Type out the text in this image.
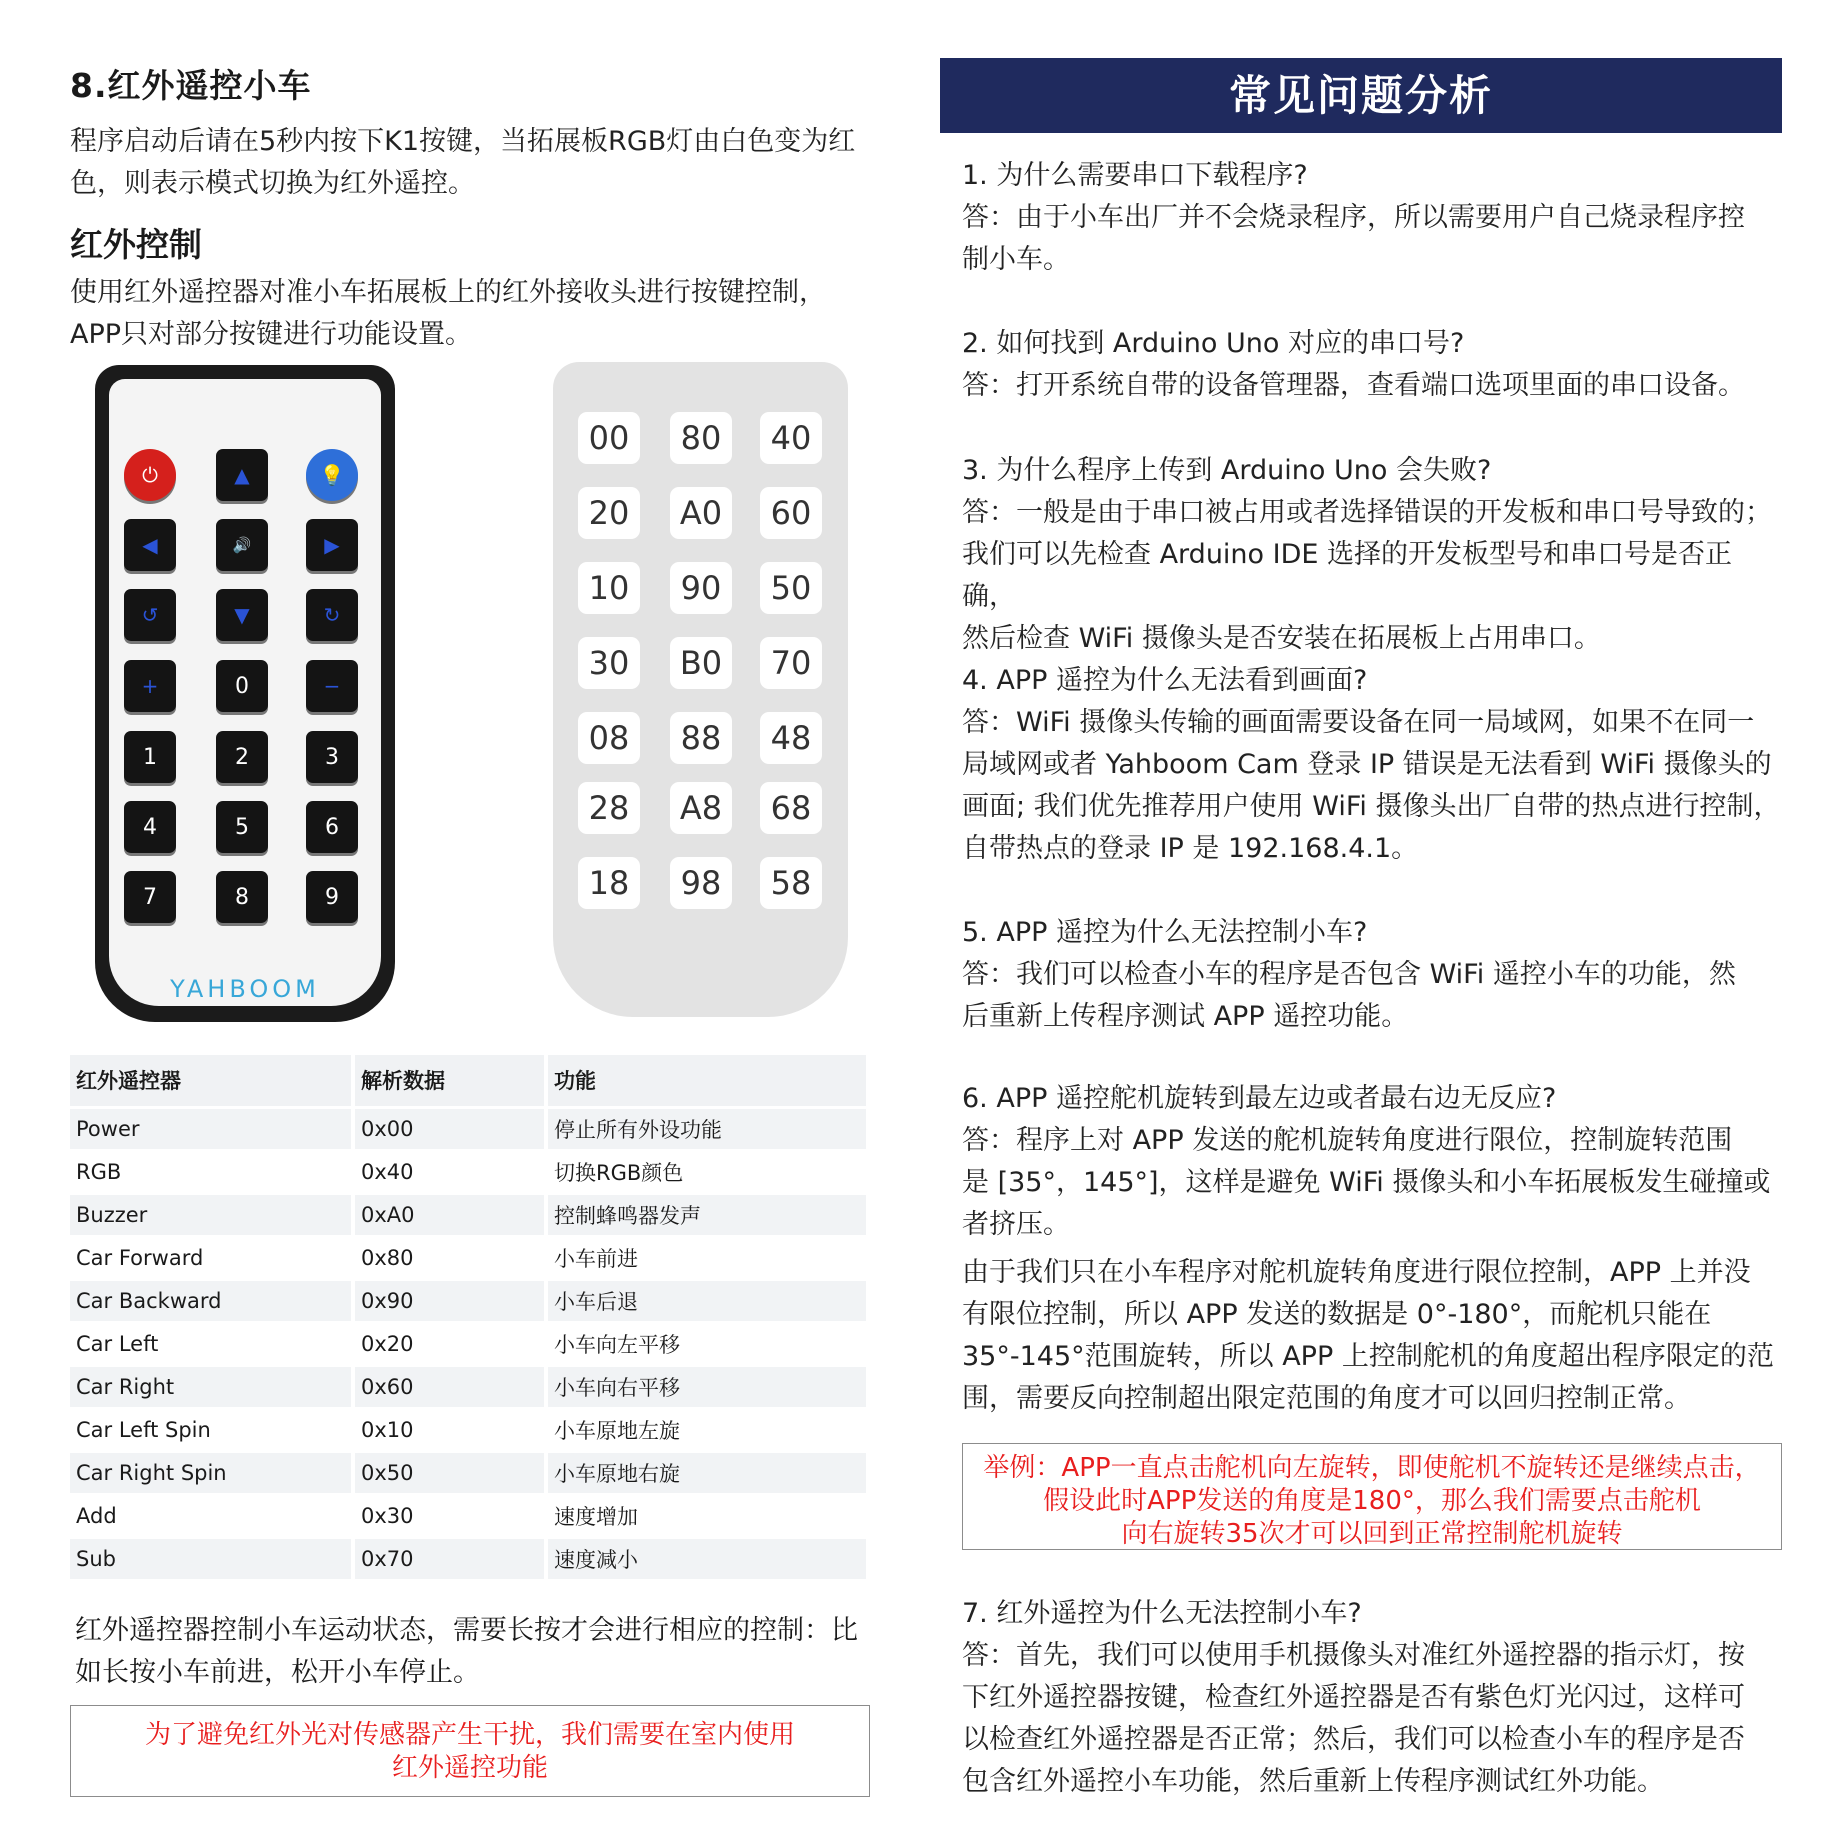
8.红外遥控小车
程序启动后请在5秒内按下K1按键，当拓展板RGB灯由白色变为红
色，则表示模式切换为红外遥控。
红外控制
使用红外遥控器对准小车拓展板上的红外接收头进行按键控制，
APP只对部分按键进行功能设置。
⏻	▲	💡
◀	🔊	▶
↺	▼	↻
+	0	−
1	2	3
4	5	6
7	8	9
YAHBOOM
00	80	40
20	A0	60
10	90	50
30	B0	70
08	88	48
28	A8	68
18	98	58
红外遥控器	解析数据	功能
Power	0x00	停止所有外设功能
RGB	0x40	切换RGB颜色
Buzzer	0xA0	控制蜂鸣器发声
Car Forward	0x80	小车前进
Car Backward	0x90	小车后退
Car Left	0x20	小车向左平移
Car Right	0x60	小车向右平移
Car Left Spin	0x10	小车原地左旋
Car Right Spin	0x50	小车原地右旋
Add	0x30	速度增加
Sub	0x70	速度减小
红外遥控器控制小车运动状态，需要长按才会进行相应的控制：比
如长按小车前进，松开小车停止。
为了避免红外光对传感器产生干扰，我们需要在室内使用
红外遥控功能
常见问题分析
1. 为什么需要串口下载程序?
答：由于小车出厂并不会烧录程序，所以需要用户自己烧录程序控
制小车。
2. 如何找到 Arduino Uno 对应的串口号?
答：打开系统自带的设备管理器，查看端口选项里面的串口设备。
3. 为什么程序上传到 Arduino Uno 会失败?
答：一般是由于串口被占用或者选择错误的开发板和串口号导致的；
我们可以先检查 Arduino IDE 选择的开发板型号和串口号是否正确，
然后检查 WiFi 摄像头是否安装在拓展板上占用串口。
4. APP 遥控为什么无法看到画面?
答：WiFi 摄像头传输的画面需要设备在同一局域网，如果不在同一
局域网或者 Yahboom Cam 登录 IP 错误是无法看到 WiFi 摄像头的
画面; 我们优先推荐用户使用 WiFi 摄像头出厂自带的热点进行控制，
自带热点的登录 IP 是 192.168.4.1。
5. APP 遥控为什么无法控制小车?
答：我们可以检查小车的程序是否包含 WiFi 遥控小车的功能，然
后重新上传程序测试 APP 遥控功能。
6. APP 遥控舵机旋转到最左边或者最右边无反应?
答：程序上对 APP 发送的舵机旋转角度进行限位，控制旋转范围
是 [35°，145°]，这样是避免 WiFi 摄像头和小车拓展板发生碰撞或
者挤压。
由于我们只在小车程序对舵机旋转角度进行限位控制，APP 上并没
有限位控制，所以 APP 发送的数据是 0°-180°，而舵机只能在
35°-145°范围旋转，所以 APP 上控制舵机的角度超出程序限定的范
围，需要反向控制超出限定范围的角度才可以回归控制正常。
举例：APP一直点击舵机向左旋转，即使舵机不旋转还是继续点击，
假设此时APP发送的角度是180°，那么我们需要点击舵机
向右旋转35次才可以回到正常控制舵机旋转
7. 红外遥控为什么无法控制小车?
答：首先，我们可以使用手机摄像头对准红外遥控器的指示灯，按
下红外遥控器按键，检查红外遥控器是否有紫色灯光闪过，这样可
以检查红外遥控器是否正常；然后，我们可以检查小车的程序是否
包含红外遥控小车功能，然后重新上传程序测试红外功能。
